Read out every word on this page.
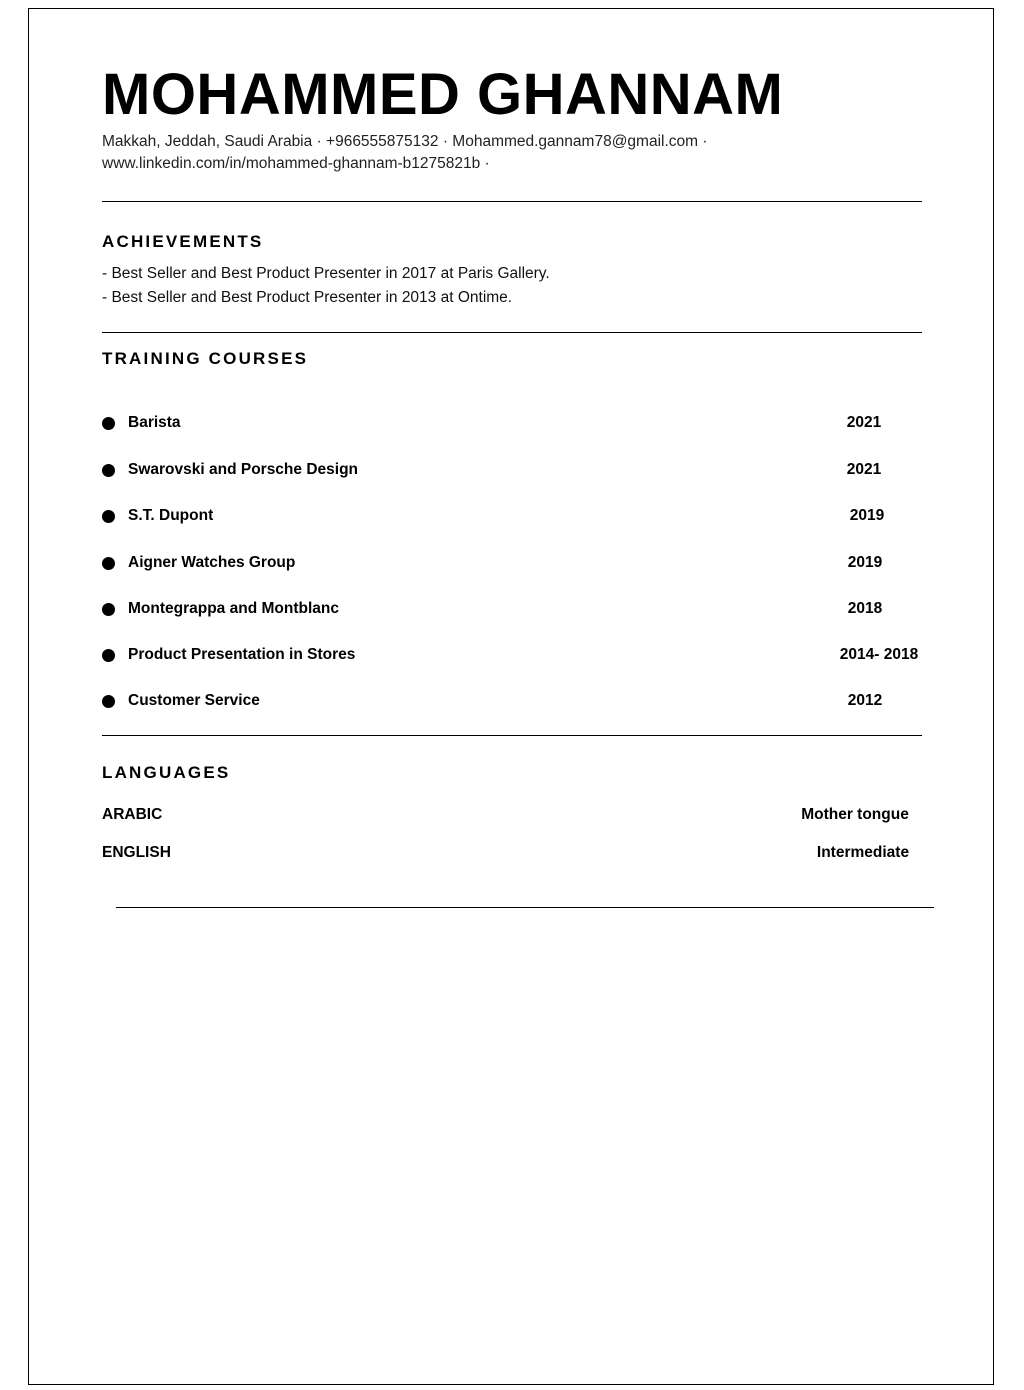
MOHAMMED GHANNAM
Makkah, Jeddah, Saudi Arabia · +966555875132 · Mohammed.gannam78@gmail.com ·
www.linkedin.com/in/mohammed-ghannam-b1275821b ·
ACHIEVEMENTS
- Best Seller and Best Product Presenter in 2017 at Paris Gallery.
- Best Seller and Best Product Presenter in 2013 at Ontime.
TRAINING COURSES
Barista	2021
Swarovski and Porsche Design	2021
S.T. Dupont	2019
Aigner Watches Group	2019
Montegrappa and Montblanc	2018
Product Presentation in Stores	2014- 2018
Customer Service	2012
LANGUAGES
ARABIC	Mother tongue
ENGLISH	Intermediate
